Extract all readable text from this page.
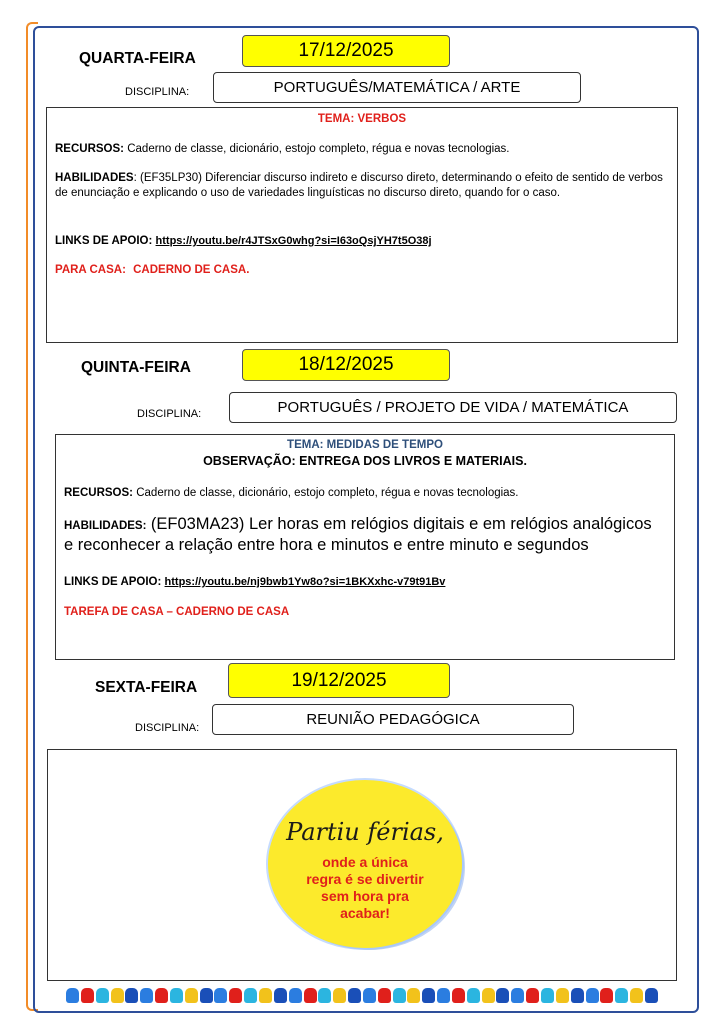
QUARTA-FEIRA	17/12/2025
DISCIPLINA:	PORTUGUÊS/MATEMÁTICA / ARTE
TEMA: VERBOS
RECURSOS: Caderno de classe, dicionário, estojo completo, régua e novas tecnologias.
HABILIDADES: (EF35LP30) Diferenciar discurso indireto e discurso direto, determinando o efeito de sentido de verbos de enunciação e explicando o uso de variedades linguísticas no discurso direto, quando for o caso.
LINKS DE APOIO: https://youtu.be/r4JTSxG0whg?si=I63oQsjYH7t5O38j
PARA CASA: CADERNO DE CASA.
QUINTA-FEIRA	18/12/2025
DISCIPLINA:	PORTUGUÊS / PROJETO DE VIDA / MATEMÁTICA
TEMA: MEDIDAS DE TEMPO
OBSERVAÇÃO: ENTREGA DOS LIVROS E MATERIAIS.
RECURSOS: Caderno de classe, dicionário, estojo completo, régua e novas tecnologias.
HABILIDADES: (EF03MA23) Ler horas em relógios digitais e em relógios analógicos e reconhecer a relação entre hora e minutos e entre minuto e segundos
LINKS DE APOIO: https://youtu.be/nj9bwb1Yw8o?si=1BKXxhc-v79t91Bv
TAREFA DE CASA – CADERNO DE CASA
SEXTA-FEIRA	19/12/2025
DISCIPLINA:	REUNIÃO PEDAGÓGICA
Partiu férias,
onde a única
regra é se divertir
sem hora pra
acabar!
